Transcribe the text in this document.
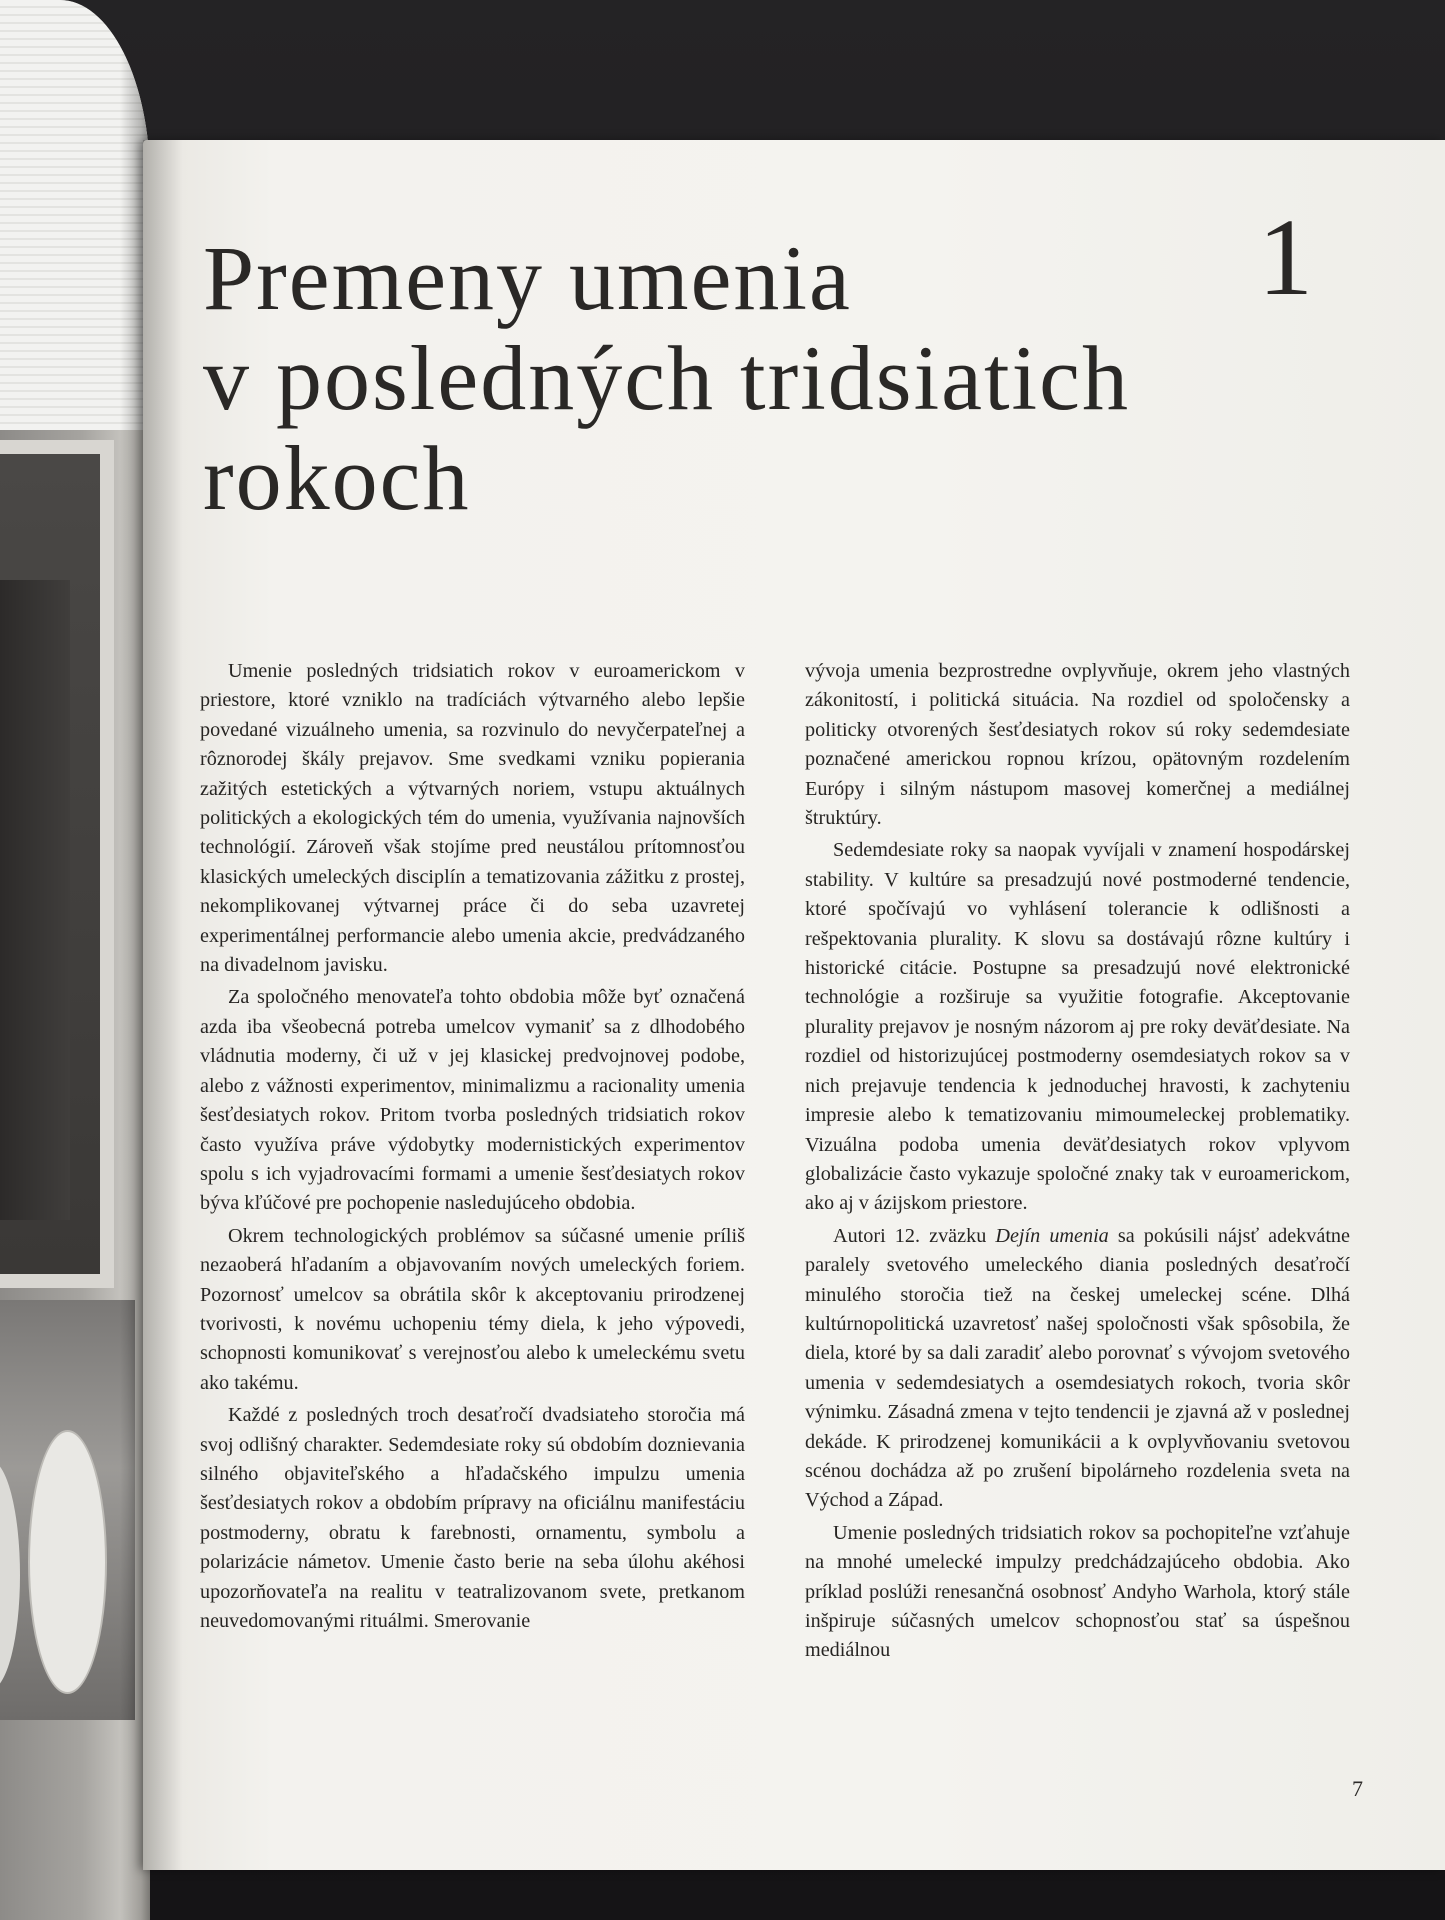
Premeny umenia
v posledných tridsiatich
rokoch
1

Umenie posledných tridsiatich rokov v euroamerickom v priestore, ktoré vzniklo na tradíciách výtvarného alebo lepšie povedané vizuálneho umenia, sa rozvinulo do nevyčerpateľnej a rôznorodej škály prejavov. Sme svedkami vzniku popierania zažitých estetických a výtvarných noriem, vstupu aktuálnych politických a ekologických tém do umenia, využívania najnovších technológií. Zároveň však stojíme pred neustálou prítomnosťou klasických umeleckých disciplín a tematizovania zážitku z prostej, nekomplikovanej výtvarnej práce či do seba uzavretej experimentálnej performancie alebo umenia akcie, predvádzaného na divadelnom javisku.

Za spoločného menovateľa tohto obdobia môže byť označená azda iba všeobecná potreba umelcov vymaniť sa z dlhodobého vládnutia moderny, či už v jej klasickej predvojnovej podobe, alebo z vážnosti experimentov, minimalizmu a racionality umenia šesťdesiatych rokov. Pritom tvorba posledných tridsiatich rokov často využíva práve výdobytky modernistických experimentov spolu s ich vyjadrovacími formami a umenie šesťdesiatych rokov býva kľúčové pre pochopenie nasledujúceho obdobia.

Okrem technologických problémov sa súčasné umenie príliš nezaoberá hľadaním a objavovaním nových umeleckých foriem. Pozornosť umelcov sa obrátila skôr k akceptovaniu prirodzenej tvorivosti, k novému uchopeniu témy diela, k jeho výpovedi, schopnosti komunikovať s verejnosťou alebo k umeleckému svetu ako takému.

Každé z posledných troch desaťročí dvadsiateho storočia má svoj odlišný charakter. Sedemdesiate roky sú obdobím doznievania silného objaviteľského a hľadačského impulzu umenia šesťdesiatych rokov a obdobím prípravy na oficiálnu manifestáciu postmoderny, obratu k farebnosti, ornamentu, symbolu a polarizácie námetov. Umenie často berie na seba úlohu akéhosi upozorňovateľa na realitu v teatralizovanom svete, pretkanom neuvedomovanými rituálmi. Smerovanie

vývoja umenia bezprostredne ovplyvňuje, okrem jeho vlastných zákonitostí, i politická situácia. Na rozdiel od spoločensky a politicky otvorených šesťdesiatych rokov sú roky sedemdesiate poznačené americkou ropnou krízou, opätovným rozdelením Európy i silným nástupom masovej komerčnej a mediálnej štruktúry.

Sedemdesiate roky sa naopak vyvíjali v znamení hospodárskej stability. V kultúre sa presadzujú nové postmoderné tendencie, ktoré spočívajú vo vyhlásení tolerancie k odlišnosti a rešpektovania plurality. K slovu sa dostávajú rôzne kultúry i historické citácie. Postupne sa presadzujú nové elektronické technológie a rozširuje sa využitie fotografie. Akceptovanie plurality prejavov je nosným názorom aj pre roky deväťdesiate. Na rozdiel od historizujúcej postmoderny osemdesiatych rokov sa v nich prejavuje tendencia k jednoduchej hravosti, k zachyteniu impresie alebo k tematizovaniu mimoumeleckej problematiky. Vizuálna podoba umenia deväťdesiatych rokov vplyvom globalizácie často vykazuje spoločné znaky tak v euroamerickom, ako aj v ázijskom priestore.

Autori 12. zväzku Dejín umenia sa pokúsili nájsť adekvátne paralely svetového umeleckého diania posledných desaťročí minulého storočia tiež na českej umeleckej scéne. Dlhá kultúrnopolitická uzavretosť našej spoločnosti však spôsobila, že diela, ktoré by sa dali zaradiť alebo porovnať s vývojom svetového umenia v sedemdesiatych a osemdesiatych rokoch, tvoria skôr výnimku. Zásadná zmena v tejto tendencii je zjavná až v poslednej dekáde. K prirodzenej komunikácii a k ovplyvňovaniu svetovou scénou dochádza až po zrušení bipolárneho rozdelenia sveta na Východ a Západ.

Umenie posledných tridsiatich rokov sa pochopiteľne vzťahuje na mnohé umelecké impulzy predchádzajúceho obdobia. Ako príklad poslúži renesančná osobnosť Andyho Warhola, ktorý stále inšpiruje súčasných umelcov schopnosťou stať sa úspešnou mediálnou

7
